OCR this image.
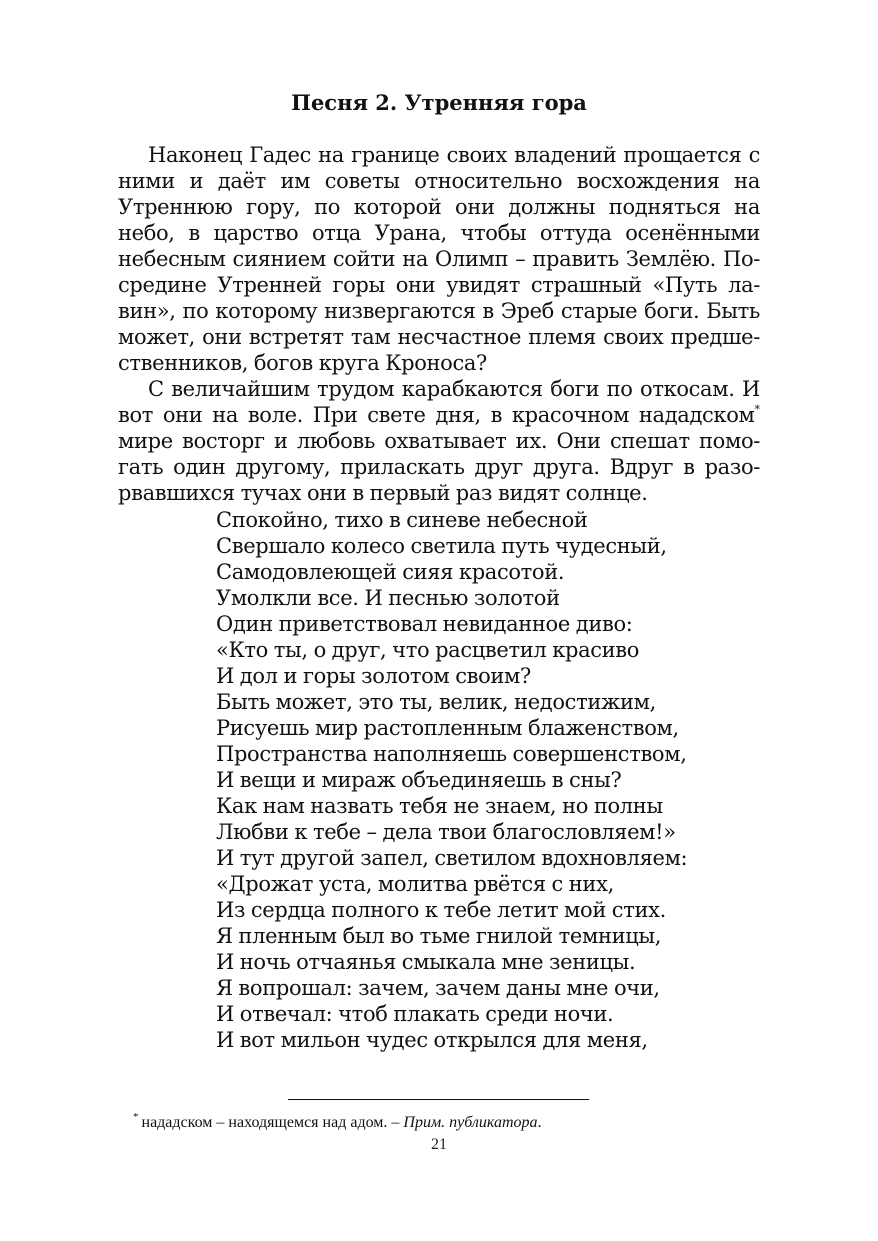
Песня 2. Утренняя гора
Наконец Гадес на границе своих владений прощается с
ними и даёт им советы относительно восхождения на
Утреннюю гору, по которой они должны подняться на
небо, в царство отца Урана, чтобы оттуда осенёнными
небесным сиянием сойти на Олимп – править Землёю. По-
средине Утренней горы они увидят страшный «Путь ла-
вин», по которому низвергаются в Эреб старые боги. Быть
может, они встретят там несчастное племя своих предше-
ственников, богов круга Кроноса?
С величайшим трудом карабкаются боги по откосам. И
вот они на воле. При свете дня, в красочном нададском*
мире восторг и любовь охватывает их. Они спешат помо-
гать один другому, приласкать друг друга. Вдруг в разо-
рвавшихся тучах они в первый раз видят солнце.
Спокойно, тихо в синеве небесной
Свершало колесо светила путь чудесный,
Самодовлеющей сияя красотой.
Умолкли все. И песнью золотой
Один приветствовал невиданное диво:
«Кто ты, о друг, что расцветил красиво
И дол и горы золотом своим?
Быть может, это ты, велик, недостижим,
Рисуешь мир растопленным блаженством,
Пространства наполняешь совершенством,
И вещи и мираж объединяешь в сны?
Как нам назвать тебя не знаем, но полны
Любви к тебе – дела твои благословляем!»
И тут другой запел, светилом вдохновляем:
«Дрожат уста, молитва рвётся с них,
Из сердца полного к тебе летит мой стих.
Я пленным был во тьме гнилой темницы,
И ночь отчаянья смыкала мне зеницы.
Я вопрошал: зачем, зачем даны мне очи,
И отвечал: чтоб плакать среди ночи.
И вот мильон чудес открылся для меня,
* нададском – находящемся над адом. – Прим. публикатора.
21
